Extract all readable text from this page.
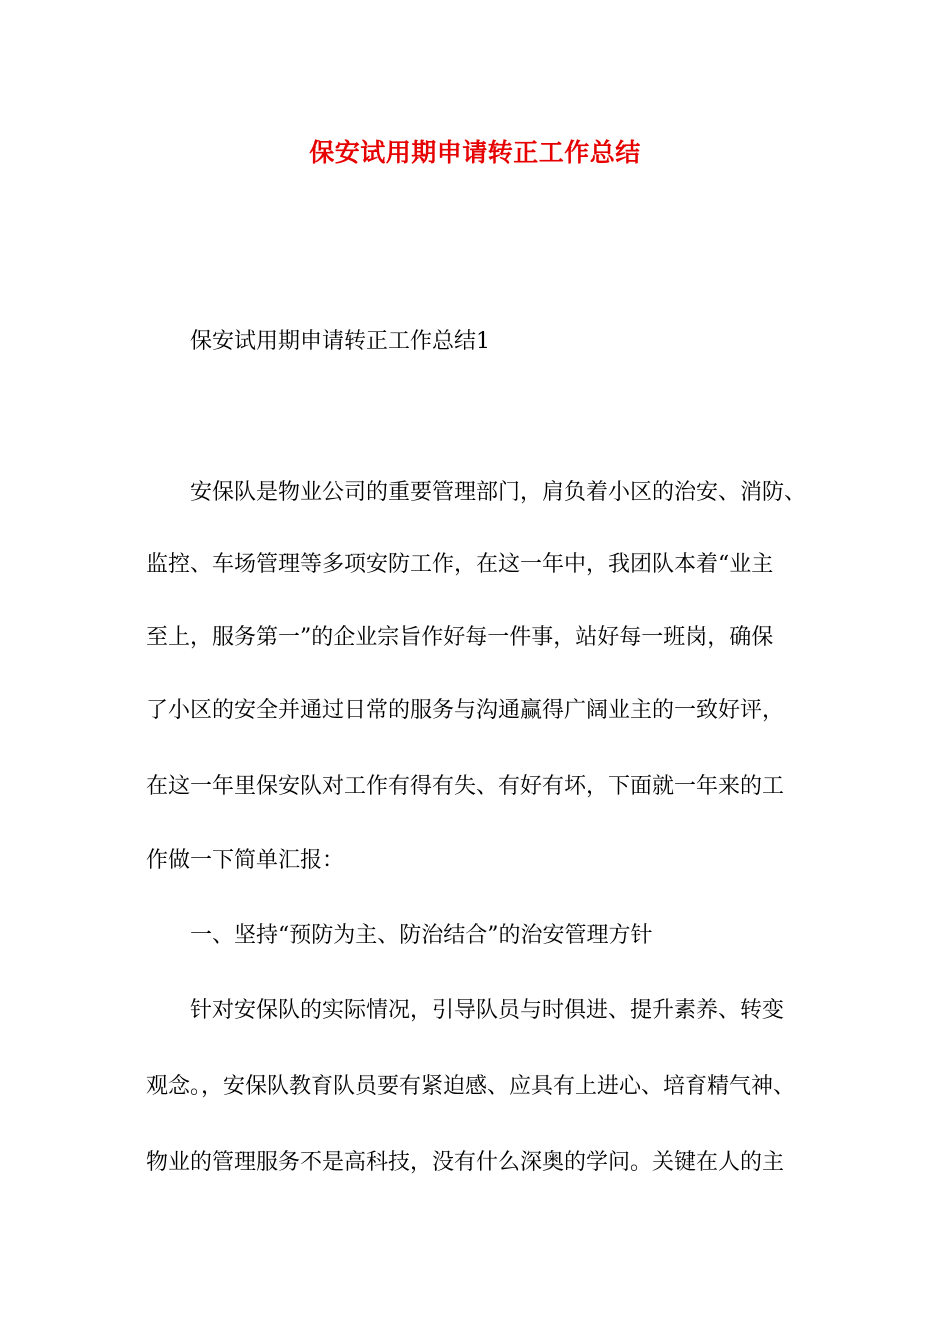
保安试用期申请转正工作总结
保安试用期申请转正工作总结1
安保队是物业公司的重要管理部门，肩负着小区的治安、消防、
监控、车场管理等多项安防工作，在这一年中，我团队本着“业主
至上，服务第一”的企业宗旨作好每一件事，站好每一班岗，确保
了小区的安全并通过日常的服务与沟通赢得广阔业主的一致好评，
在这一年里保安队对工作有得有失、有好有坏，下面就一年来的工
作做一下简单汇报：
一、坚持“预防为主、防治结合”的治安管理方针
针对安保队的实际情况，引导队员与时俱进、提升素养、转变
观念。，安保队教育队员要有紧迫感、应具有上进心、培育精气神、
物业的管理服务不是高科技，没有什么深奥的学问。关键在人的主
